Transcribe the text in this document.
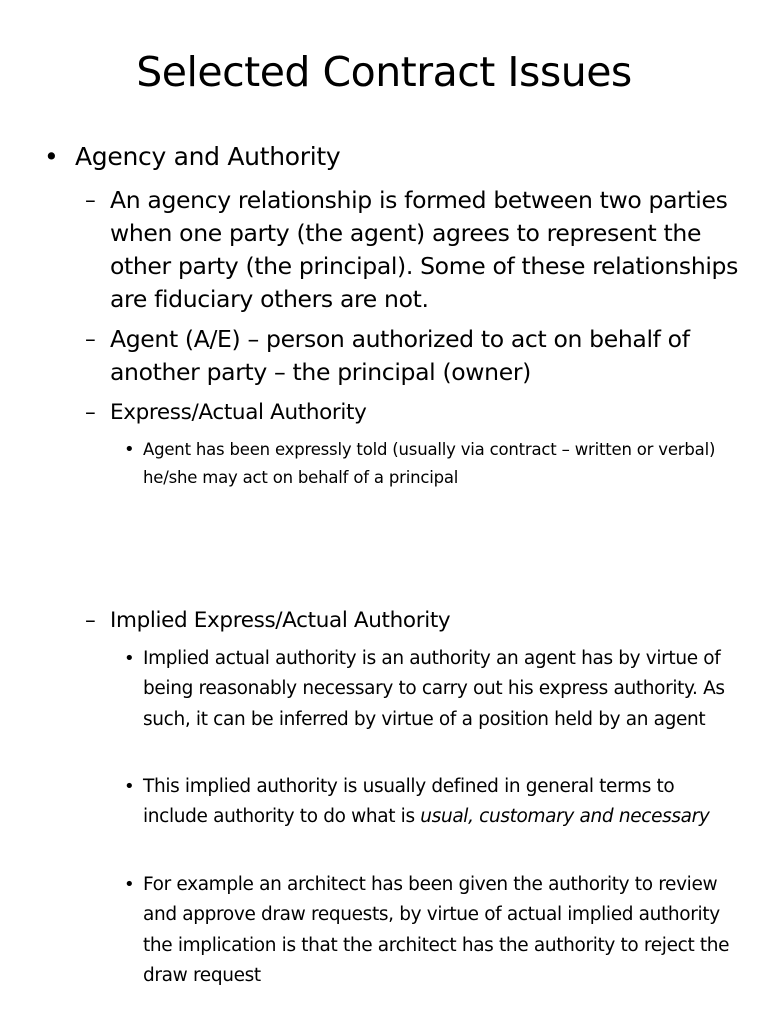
Selected Contract Issues
• Agency and Authority
– An agency relationship is formed between two parties when one party (the agent) agrees to represent the other party (the principal). Some of these relationships are fiduciary others are not.
– Agent (A/E) – person authorized to act on behalf of another party – the principal (owner)
– Express/Actual Authority
• Agent has been expressly told (usually via contract – written or verbal) he/she may act on behalf of a principal
– Implied Express/Actual Authority
• Implied actual authority is an authority an agent has by virtue of being reasonably necessary to carry out his express authority. As such, it can be inferred by virtue of a position held by an agent
• This implied authority is usually defined in general terms to include authority to do what is usual, customary and necessary
• For example an architect has been given the authority to review and approve draw requests, by virtue of actual implied authority the implication is that the architect has the authority to reject the draw request
